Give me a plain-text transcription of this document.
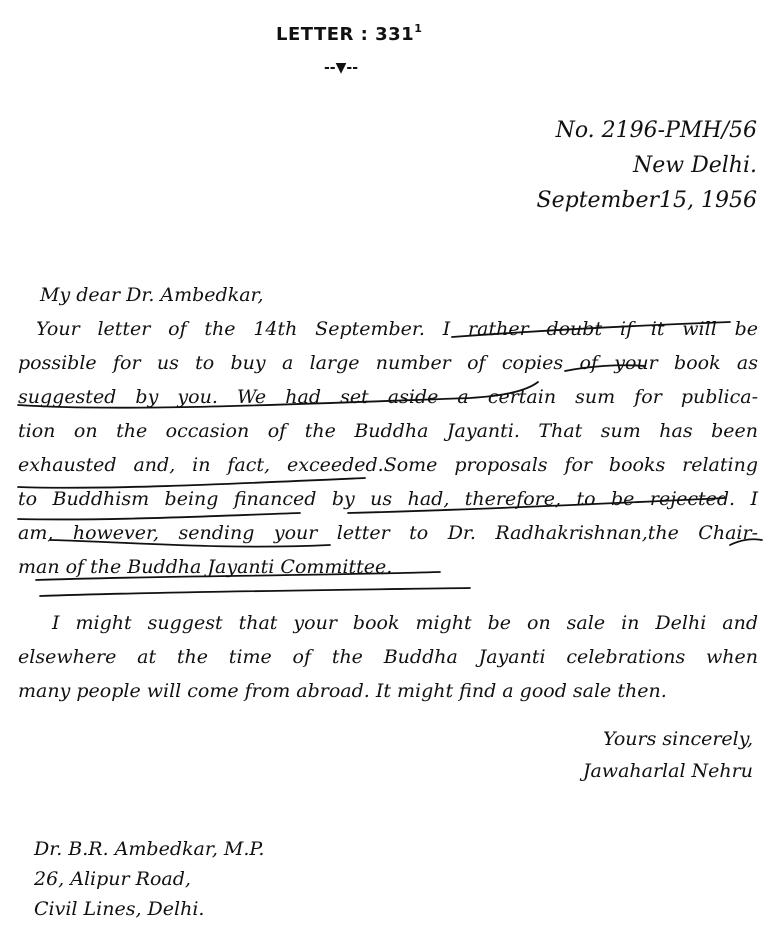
LETTER : $331^1$
--▼--
No. 2196-PMH/56
New Delhi.
September15, 1956
My dear Dr. Ambedkar,
Your letter of the 14th September. I rather doubt if it will be
possible for us to buy a large number of copies of your book as
suggested by you. We had set aside a certain sum for publica-
tion on the occasion of the Buddha Jayanti. That sum has been
exhausted and, in fact, exceeded.Some proposals for books relating
to Buddhism being financed by us had, therefore, to be rejected. I
am, however, sending your letter to Dr. Radhakrishnan,the Chair-
man of the Buddha Jayanti Committee.
I might suggest that your book might be on sale in Delhi and
elsewhere at the time of the Buddha Jayanti celebrations when
many people will come from abroad. It might find a good sale then.
Yours sincerely,
Jawaharlal Nehru
Dr. B.R. Ambedkar, M.P.
26, Alipur Road,
Civil Lines, Delhi.
